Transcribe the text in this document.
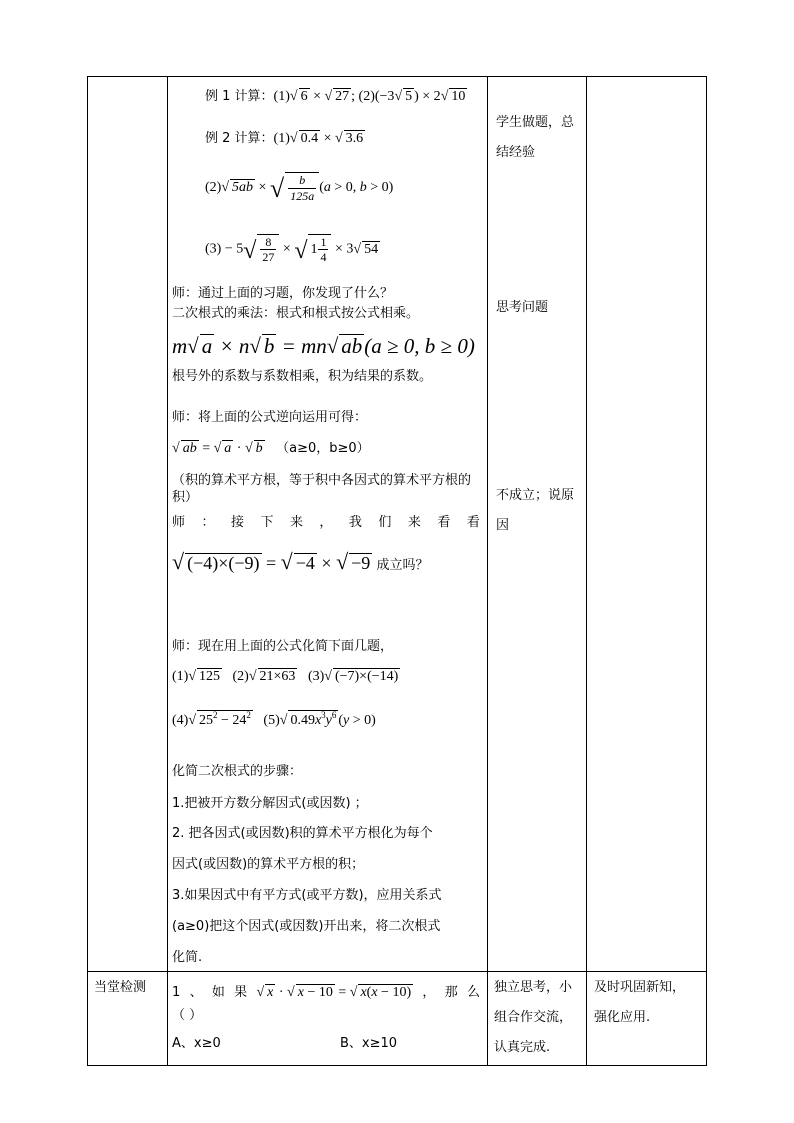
例 1 计算：(1)√ 6 × √ 27 ; (2)(−3√ 5 ) × 2√ 10
例 2 计算：(1)√ 0.4 × √ 3.6
(2)√ 5ab × √ $\frac{b}{125a} (a > 0$, b > 0)
$(3) - 5√ \frac{8}{27}$ × √ $1 \frac{1}{4} \times 3√$ 54
师：通过上面的习题，你发现了什么？
二次根式的乘法：根式和根式按公式相乘。
m√ a × n√ b = mn√ ab(a ≥ 0, b ≥ 0)
根号外的系数与系数相乘，积为结果的系数。
师：将上面的公式逆向运用可得：
√ ab = √ a · √ b （a≥0，b≥0）
（积的算术平方根，等于积中各因式的算术平方根的积）
师 ： 接 下 来 ， 我 们 来 看 看
√ (−4)×(−9) = √ −4 × √ −9 成立吗？
师：现在用上面的公式化简下面几题，
(1)√ 125   (2)√ 21×63   (3)√ (−7)×(−14)
(4)√ $25^2 - 24^2$   (5)√ $0.49x^3y^6$ (y > 0)
化简二次根式的步骤：
1.把被开方数分解因式(或因数) ；
2. 把各因式(或因数)积的算术平方根化为每个
因式(或因数)的算术平方根的积；
3.如果因式中有平方式(或平方数)，应用关系式
(a≥0)把这个因式(或因数)开出来，将二次根式
化简.
学生做题，总
结经验
思考问题
不成立；说原
因
当堂检测 1 、 如 果 √ x · √ x − 10 = √ x(x − 10) ， 那 么
（ ）
A、x≥0	B、x≥10
独立思考，小
组合作交流，
认真完成.
及时巩固新知，
强化应用.
